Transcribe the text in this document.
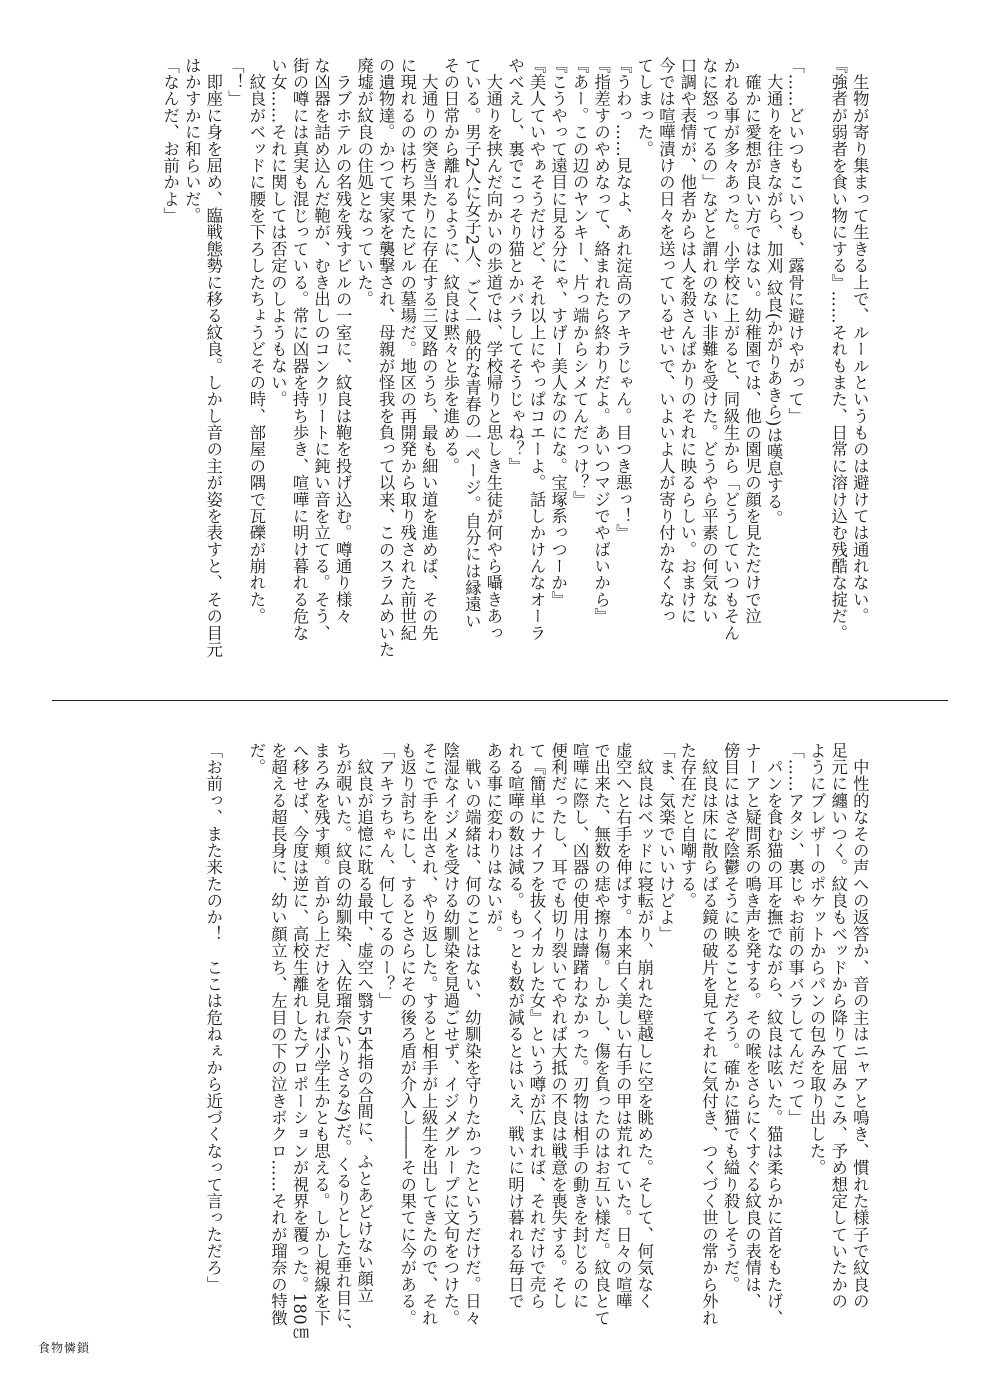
　生物が寄り集まって生きる上で、ルールというものは避けては通れない。
『強者が弱者を食い物にする』……それもまた、日常に溶け込む残酷な掟だ。
「……どいつもこいつも、露骨に避けやがって」
　大通りを往きながら、加刈 紋良(かがりあきら)は嘆息する。
　確かに愛想が良い方ではない。幼稚園では、他の園児の顔を見ただけで泣
かれる事が多々あった。小学校に上がると、同級生から「どうしていつもそん
なに怒ってるの」などと謂れのない非難を受けた。どうやら平素の何気ない
口調や表情が、他者からは人を殺さんばかりのそれに映るらしい。おまけに
今では喧嘩漬けの日々を送っているせいで、いよいよ人が寄り付かなくなっ
てしまった。
『うわっ……見なよ、あれ淀高のアキラじゃん。目つき悪っ！』
『指差すのやめなって、絡まれたら終わりだよ。あいつマジでやばいから』
『あー。この辺のヤンキー、片っ端からシメてんだっけ？』
『こうやって遠目に見る分にゃ、すげー美人なのにな。宝塚系っつーか』
『美人ていやぁそうだけど、それ以上にやっぱコエーよ。話しかけんなオーラ
やべえし、裏でこっそり猫とかバラしてそうじゃね？』
　大通りを挟んだ向かいの歩道では、学校帰りと思しき生徒が何やら囁きあっ
ている。男子2人に女子2人、ごく一般的な青春の一ページ。自分には縁遠い
その日常から離れるように、紋良は黙々と歩を進める。
　大通りの突き当たりに存在する三叉路のうち、最も細い道を進めば、その先
に現れるのは朽ち果てたビルの墓場だ。地区の再開発から取り残された前世紀
の遺物達。かつて実家を襲撃され、母親が怪我を負って以来、このスラムめいた
廃墟が紋良の住処となっていた。
　ラブホテルの名残を残すビルの一室に、紋良は鞄を投げ込む。噂通り様々
な凶器を詰め込んだ鞄が、むき出しのコンクリートに鈍い音を立てる。そう、
街の噂には真実も混じっている。常に凶器を持ち歩き、喧嘩に明け暮れる危な
い女……それに関しては否定のしようもない。
　紋良がベッドに腰を下ろしたちょうどその時、部屋の隅で瓦礫が崩れた。
「！」
　即座に身を屈め、臨戦態勢に移る紋良。しかし音の主が姿を表すと、その目元
はかすかに和らいだ。
「なんだ、お前かよ」
　中性的なその声への返答か、音の主はニャアと鳴き、慣れた様子で紋良の
足元に纏いつく。紋良もベッドから降りて屈みこみ、予め想定していたかの
ようにブレザーのポケットからパンの包みを取り出した。
「……アタシ、裏じゃお前の事バラしてんだって」
　パンを食む猫の耳を撫でながら、紋良は呟いた。猫は柔らかに首をもたげ、
ナーアと疑問系の鳴き声を発する。その喉をさらにくすぐる紋良の表情は、
傍目にはさぞ陰鬱そうに映ることだろう。確かに猫でも縊り殺しそうだ。
　紋良は床に散らばる鏡の破片を見てそれに気付き、つくづく世の常から外れ
た存在だと自嘲する。
「ま、気楽でいいけどよ」
　紋良はベッドに寝転がり、崩れた壁越しに空を眺めた。そして、何気なく
虚空へと右手を伸ばす。本来白く美しい右手の甲は荒れていた。日々の喧嘩
で出来た、無数の痣や擦り傷。しかし、傷を負ったのはお互い様だ。紋良とて
喧嘩に際し、凶器の使用は躊躇わなかった。刃物は相手の動きを封じるのに
便利だったし、耳でも切り裂いてやれば大抵の不良は戦意を喪失する。そし
て『簡単にナイフを抜くイカレた女』という噂が広まれば、それだけで売ら
れる喧嘩の数は減る。もっとも数が減るとはいえ、戦いに明け暮れる毎日で
ある事に変わりはないが。
　戦いの端緒は、何のことはない、幼馴染を守りたかったというだけだ。日々
陰湿なイジメを受ける幼馴染を見過ごせず、イジメグループに文句をつけた。
そこで手を出され、やり返した。すると相手が上級生を出してきたので、それ
も返り討ちにし、するとさらにその後ろ盾が介入し――その果てに今がある。
「アキラちゃん、何してるのー？」
　紋良が追憶に耽る最中、虚空へ翳す5本指の合間に、ふとあどけない顔立
ちが覗いた。紋良の幼馴染、入佐瑠奈(いりさるな)だ。くるりとした垂れ目に、
まろみを残す頬。首から上だけを見れば小学生かとも思える。しかし視線を下
へ移せば、今度は逆に、高校生離れしたプロポーションが視界を覆った。180㎝
を超える超長身に、幼い顔立ち、左目の下の泣きボクロ……それが瑠奈の特徴
だ。
「お前っ、また来たのか！　ここは危ねぇから近づくなって言っただろ」
食物憐鎖
